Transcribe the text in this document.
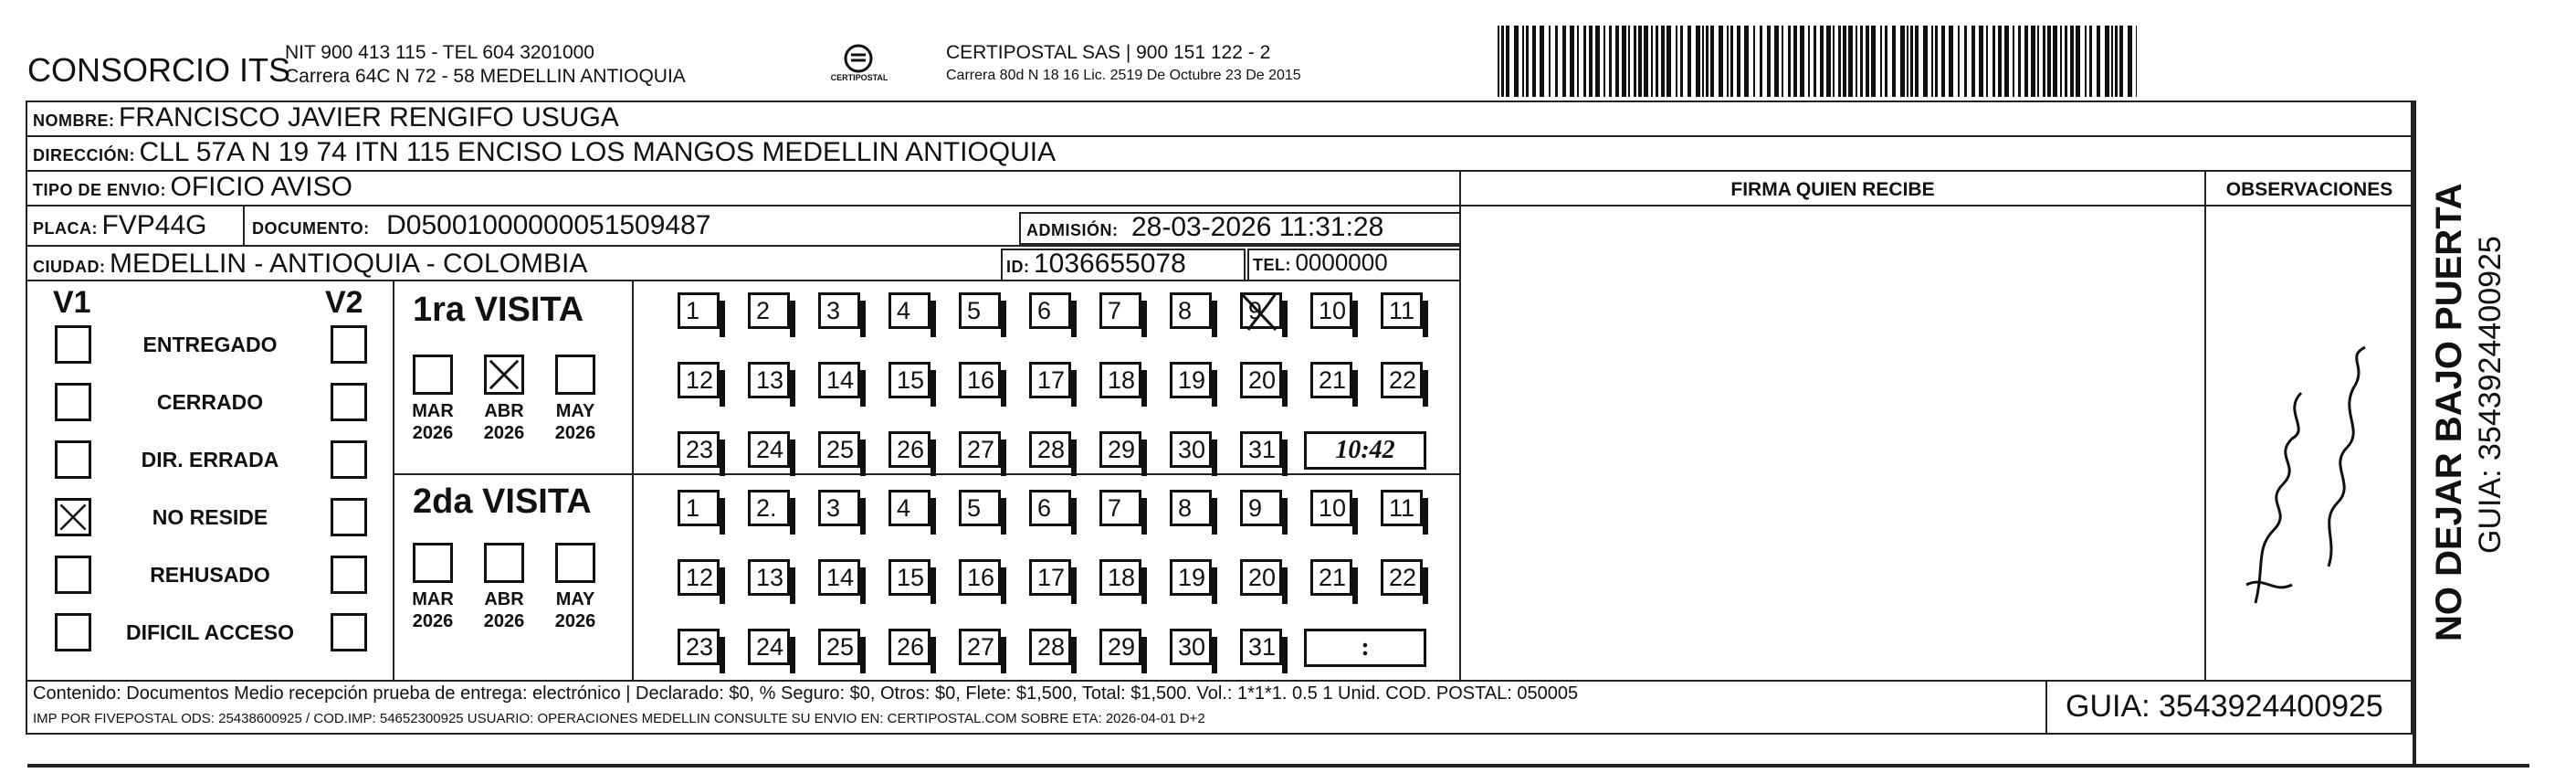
CONSORCIO ITS
NIT 900 413 115 - TEL 604 3201000
Carrera 64C N 72 - 58 MEDELLIN ANTIOQUIA	CERTIPOSTAL
CERTIPOSTAL SAS | 900 151 122 - 2
Carrera 80d N 18 16 Lic. 2519 De Octubre 23 De 2015
NOMBRE: FRANCISCO JAVIER RENGIFO USUGA
DIRECCIÓN: CLL 57A N 19 74 ITN 115 ENCISO LOS MANGOS MEDELLIN ANTIOQUIA
TIPO DE ENVIO: OFICIO AVISO
PLACA: FVP44G	DOCUMENTO: D05001000000051509487	ADMISIÓN: 28-03-2026 11:31:28
CIUDAD: MEDELLIN - ANTIOQUIA - COLOMBIA	ID: 1036655078	TEL: 0000000
FIRMA QUIEN RECIBE	OBSERVACIONES
V1	V2
ENTREGADO
CERRADO
DIR. ERRADA
NO RESIDE
REHUSADO
DIFICIL ACCESO
1ra VISITA
2da VISITA
MAR
2026
ABR
2026
MAY
2026
MAR
2026
ABR
2026
MAY
2026
1 2 3 4 5 6 7 8 9 10 11
12 13 14 15 16 17 18 19 20 21 22
23 24 25 26 27 28 29 30 31	10:42
1 2. 3 4 5 6 7 8 9 10 11
12 13 14 15 16 17 18 19 20 21 22
23 24 25 26 27 28 29 30 31	:
NO DEJAR BAJO PUERTA GUIA: 3543924400925
Contenido: Documentos Medio recepción prueba de entrega: electrónico | Declarado: $0, % Seguro: $0, Otros: $0, Flete: $1,500, Total: $1,500. Vol.: 1*1*1. 0.5 1 Unid. COD. POSTAL: 050005
IMP POR FIVEPOSTAL ODS: 25438600925 / COD.IMP: 54652300925 USUARIO: OPERACIONES MEDELLIN CONSULTE SU ENVIO EN: CERTIPOSTAL.COM SOBRE ETA: 2026-04-01 D+2	GUIA: 3543924400925
